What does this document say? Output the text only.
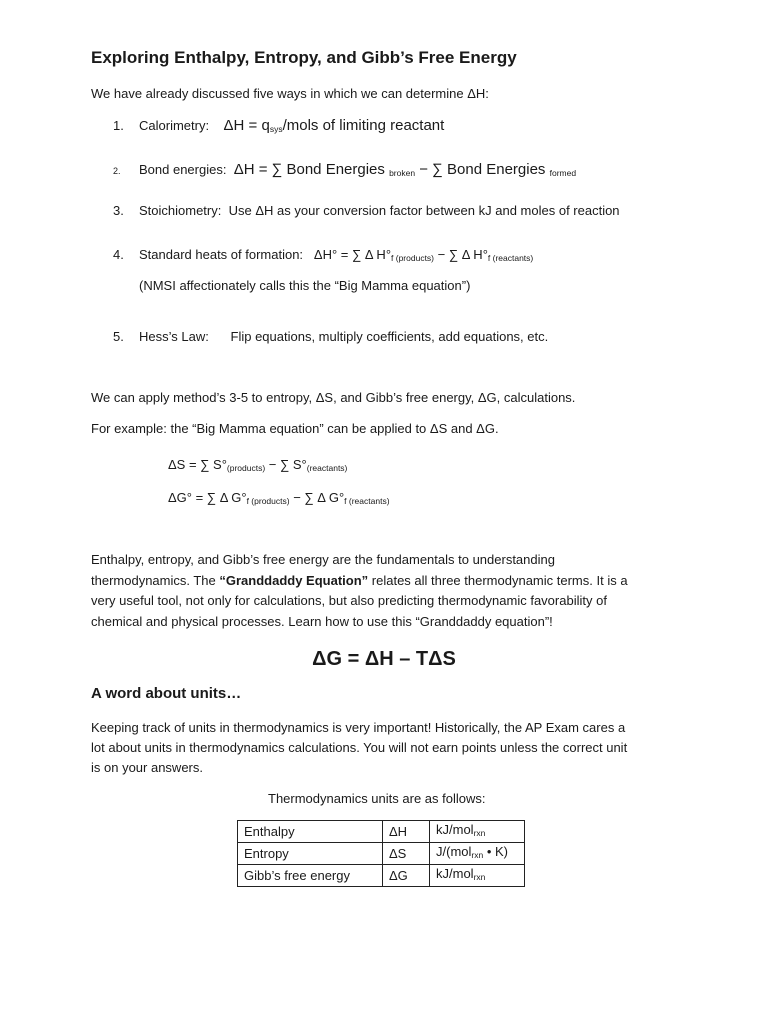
Exploring Enthalpy, Entropy, and Gibb’s Free Energy
We have already discussed five ways in which we can determine ΔH:
1. Calorimetry: $\Delta H = q_{sys}$/mols of limiting reactant
2. Bond energies: ΔH = ∑ Bond Energies $_{broken}$ − ∑ Bond Energies $_{formed}$
3. Stoichiometry: Use ΔH as your conversion factor between kJ and moles of reaction
4. Standard heats of formation: ΔH° = ∑ Δ $H^\circ_{f (products)}$ − ∑ Δ $H^\circ_{f (reactants)}$
(NMSI affectionately calls this the “Big Mamma equation”)
5. Hess’s Law: Flip equations, multiply coefficients, add equations, etc.
We can apply method’s 3-5 to entropy, ΔS, and Gibb’s free energy, ΔG, calculations.
For example: the “Big Mamma equation” can be applied to ΔS and ΔG.
ΔS = ∑ $S^\circ_{(products)}$ − ∑ $S^\circ_{(reactants)}$
ΔG° = ∑ Δ $G^\circ_{f (products)}$ − ∑ Δ $G^\circ_{f (reactants)}$
Enthalpy, entropy, and Gibb’s free energy are the fundamentals to understanding
thermodynamics. The “Granddaddy Equation” relates all three thermodynamic terms. It is a
very useful tool, not only for calculations, but also predicting thermodynamic favorability of
chemical and physical processes. Learn how to use this “Granddaddy equation”!
ΔG = ΔH – TΔS
A word about units…
Keeping track of units in thermodynamics is very important! Historically, the AP Exam cares a
lot about units in thermodynamics calculations. You will not earn points unless the correct unit
is on your answers.
Thermodynamics units are as follows:
Enthalpy	ΔH	kJ/mol$_{rxn}$
Entropy	ΔS	J/(mol$_{rxn}$ • K)
Gibb’s free energy	ΔG	kJ/mol$_{rxn}$
